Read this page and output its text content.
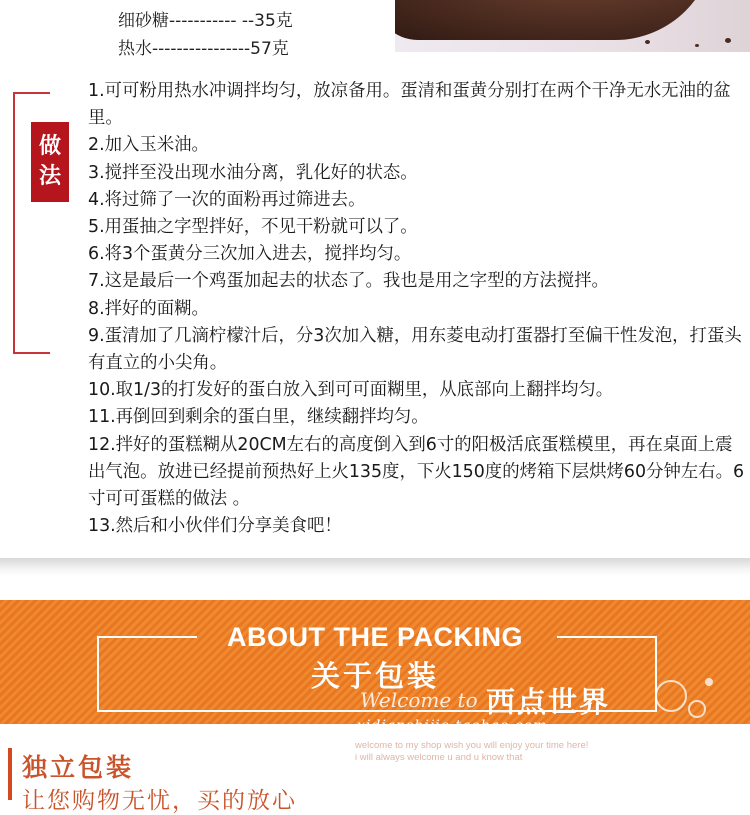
细砂糖----------- --35克
热水----------------57克
做法

1.可可粉用热水冲调拌均匀，放凉备用。蛋清和蛋黄分别打在两个干净无水无油的盆里。

2.加入玉米油。

3.搅拌至没出现水油分离，乳化好的状态。

4.将过筛了一次的面粉再过筛进去。

5.用蛋抽之字型拌好，不见干粉就可以了。

6.将3个蛋黄分三次加入进去，搅拌均匀。

7.这是最后一个鸡蛋加起去的状态了。我也是用之字型的方法搅拌。

8.拌好的面糊。

9.蛋清加了几滴柠檬汁后，分3次加入糖，用东菱电动打蛋器打至偏干性发泡，打蛋头有直立的小尖角。

10.取1/3的打发好的蛋白放入到可可面糊里，从底部向上翻拌均匀。

11.再倒回到剩余的蛋白里，继续翻拌均匀。

12.拌好的蛋糕糊从20CM左右的高度倒入到6寸的阳极活底蛋糕模里，再在桌面上震出气泡。放进已经提前预热好上火135度，下火150度的烤箱下层烘烤60分钟左右。6寸可可蛋糕的做法 。

13.然后和小伙伴们分享美食吧！

ABOUT THE PACKING
关于包装
Welcome to 西点世界
xidianshijie.taobao.com
welcome to my shop wish you will enjoy your time here!
i will always welcome u and u know that
独立包装
让您购物无忧，买的放心
